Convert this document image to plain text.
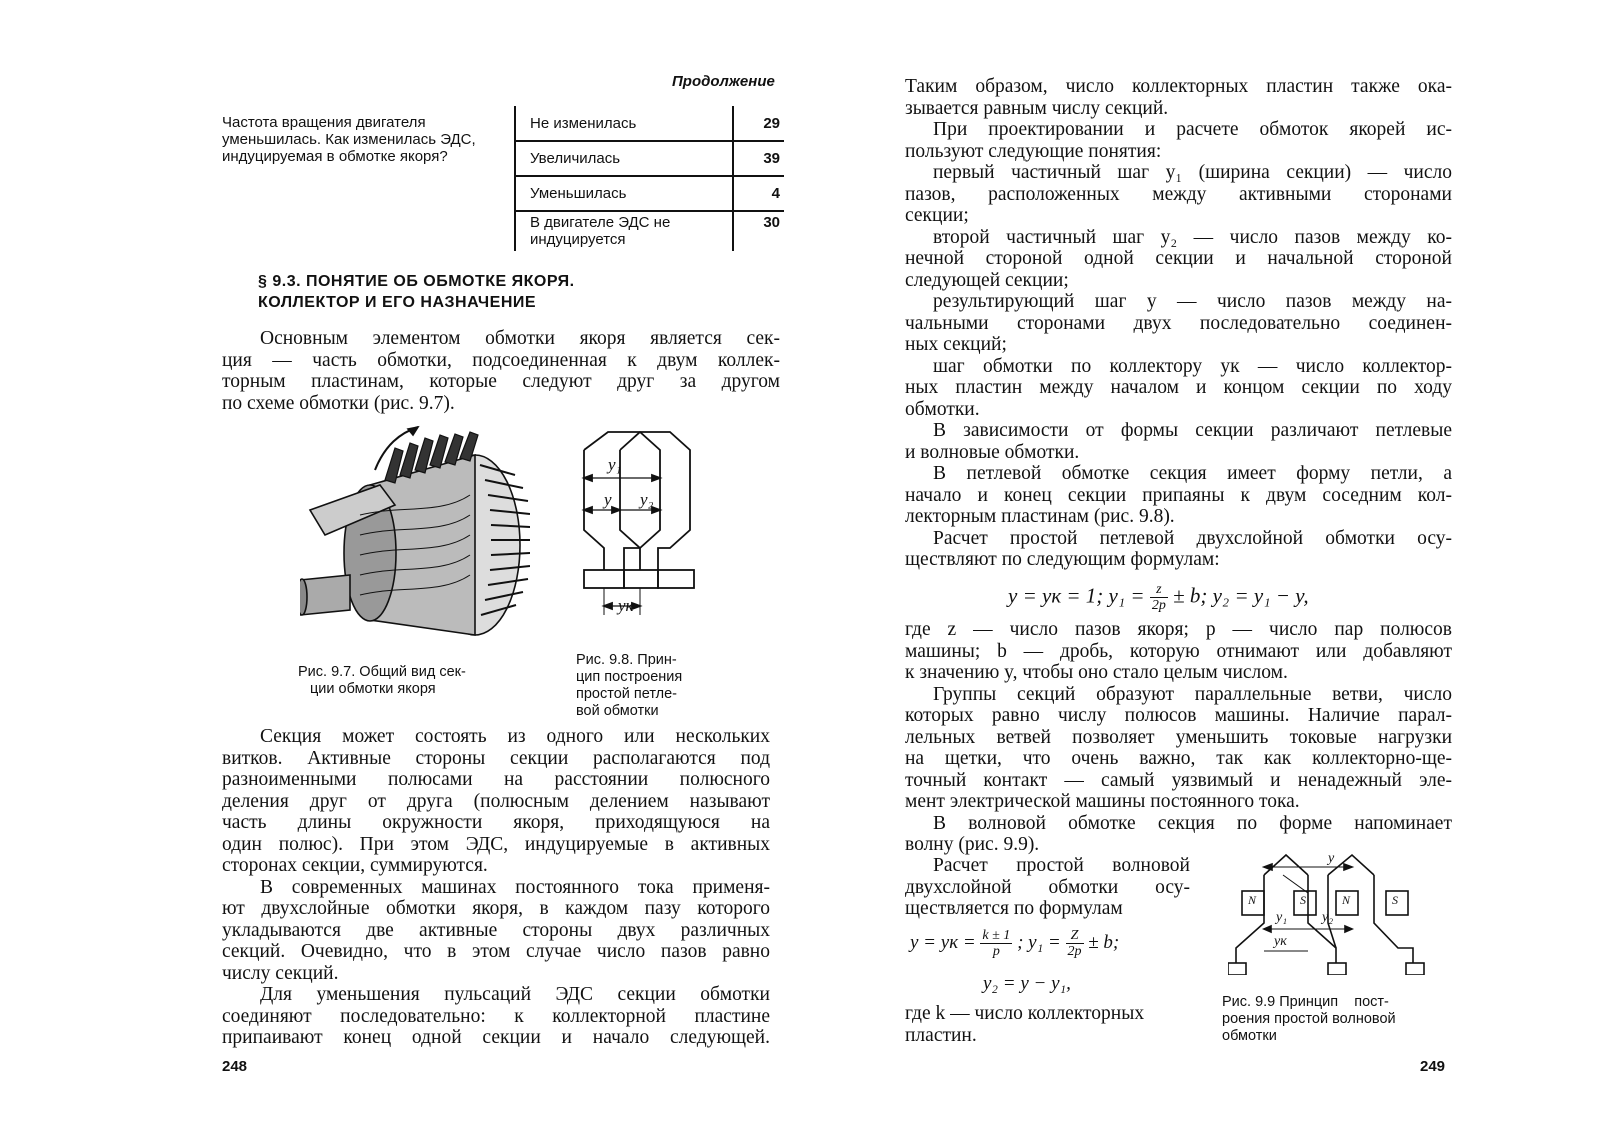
Продолжение
Частота вращения двигателя уменьшилась. Как изменилась ЭДС, индуцируемая в обмотке якоря?
Не изменилась	29
Увеличилась	39
Уменьшилась	4
В двигателе ЭДС не индуцируется	30
§ 9.3. ПОНЯТИЕ ОБ ОБМОТКЕ ЯКОРЯ.
КОЛЛЕКТОР И ЕГО НАЗНАЧЕНИЕ
Основным элементом обмотки якоря является сек-
ция — часть обмотки, подсоединенная к двум коллек-
торным пластинам, которые следуют друг за другом
по схеме обмотки (рис. 9.7).
Рис. 9.7. Общий вид сек-
ции обмотки якоря
y₁
y y₂
yк
Рис. 9.8. Прин-
цип построения
простой петле-
вой обмотки
Секция может состоять из одного или нескольких
витков. Активные стороны секции располагаются под
разноименными полюсами на расстоянии полюсного
деления друг от друга (полюсным делением называют
часть длины окружности якоря, приходящуюся на
один полюс). При этом ЭДС, индуцируемые в активных
сторонах секции, суммируются.
В современных машинах постоянного тока применя-
ют двухслойные обмотки якоря, в каждом пазу которого
укладываются две активные стороны двух различных
секций. Очевидно, что в этом случае число пазов равно
числу секций.
Для уменьшения пульсаций ЭДС секции обмотки
соединяют последовательно: к коллекторной пластине
припаивают конец одной секции и начало следующей.
248
Таким образом, число коллекторных пластин также ока-
зывается равным числу секций.
При проектировании и расчете обмоток якорей ис-
пользуют следующие понятия:
первый частичный шаг y₁ (ширина секции) — число
пазов, расположенных между активными сторонами
секции;
второй частичный шаг y₂ — число пазов между ко-
нечной стороной одной секции и начальной стороной
следующей секции;
результирующий шаг y — число пазов между на-
чальными сторонами двух последовательно соединен-
ных секций;
шаг обмотки по коллектору yк — число коллектор-
ных пластин между началом и концом секции по ходу
обмотки.
В зависимости от формы секции различают петлевые
и волновые обмотки.
В петлевой обмотке секция имеет форму петли, а
начало и конец секции припаяны к двум соседним кол-
лекторным пластинам (рис. 9.8).
Расчет простой петлевой двухслойной обмотки осу-
ществляют по следующим формулам:
y = yк = 1; $y_1 = \frac{z}{2p} \pm b$; y₂ = y₁ − y,
где z — число пазов якоря; p — число пар полюсов
машины; b — дробь, которую отнимают или добавляют
к значению y, чтобы оно стало целым числом.
Группы секций образуют параллельные ветви, число
которых равно числу полюсов машины. Наличие парал-
лельных ветвей позволяет уменьшить токовые нагрузки
на щетки, что очень важно, так как коллекторно-ще-
точный контакт — самый уязвимый и ненадежный эле-
мент электрической машины постоянного тока.
В волновой обмотке секция по форме напоминает
волну (рис. 9.9).
Расчет простой волновой
двухслойной обмотки осу-
ществляется по формулам
y = yк = $\frac{k \pm 1}{p}$ ; $y_1 = \frac{Z}{2p} \pm b$;
y₂ = y − y₁,
где k — число коллекторных
пластин.
y
y₁ y₂
yк
N	S	N	S
Рис. 9.9 Принцип    пост-
роения простой волновой
обмотки
249
